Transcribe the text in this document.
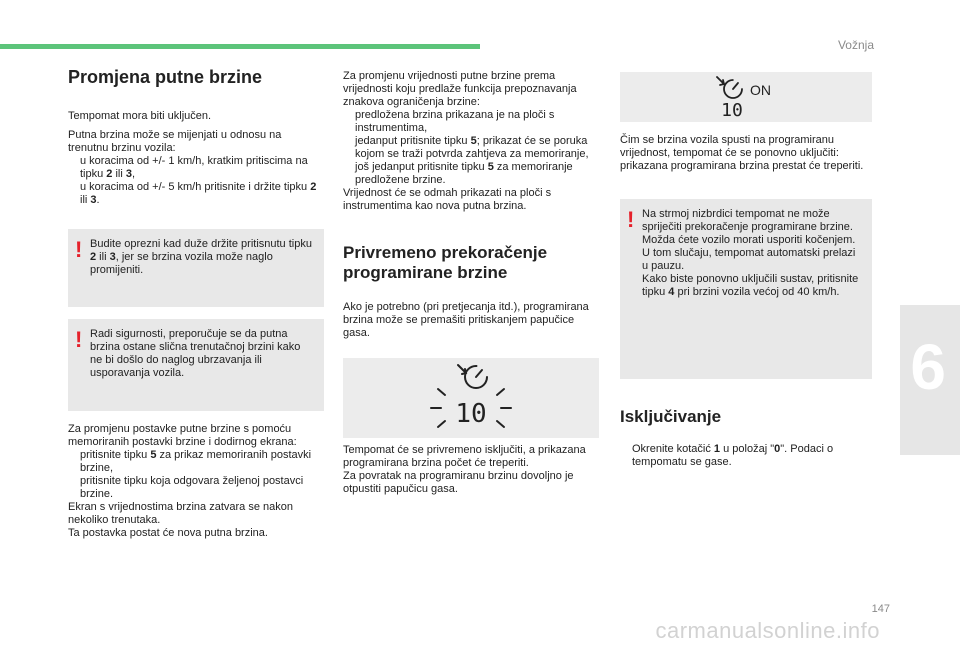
Vožnja
6
Promjena putne brzine

Tempomat mora biti uključen.

Putna brzina može se mijenjati u odnosu na trenutnu brzinu vozila:

u koracima od +/- 1 km/h, kratkim pritiscima na tipku 2 ili 3,
u koracima od +/- 5 km/h pritisnite i držite tipku 2 ili 3.
! Budite oprezni kad duže držite pritisnutu tipku 2 ili 3, jer se brzina vozila može naglo promijeniti.
! Radi sigurnosti, preporučuje se da putna brzina ostane slična trenutačnoj brzini kako ne bi došlo do naglog ubrzavanja ili usporavanja vozila.

Za promjenu postavke putne brzine s pomoću memoriranih postavki brzine i dodirnog ekrana:

pritisnite tipku 5 za prikaz memoriranih postavki brzine,
pritisnite tipku koja odgovara željenoj postavci brzine.
Ekran s vrijednostima brzina zatvara se nakon nekoliko trenutaka.
Ta postavka postat će nova putna brzina.

Za promjenu vrijednosti putne brzine prema vrijednosti koju predlaže funkcija prepoznavanja znakova ograničenja brzine:

predložena brzina prikazana je na ploči s instrumentima,
jedanput pritisnite tipku 5; prikazat će se poruka kojom se traži potvrda zahtjeva za memoriranje,
još jedanput pritisnite tipku 5 za memoriranje predložene brzine.
Vrijednost će se odmah prikazati na ploči s instrumentima kao nova putna brzina.
Privremeno prekoračenje programirane brzine
Ako je potrebno (pri pretjecanja itd.), programirana brzina može se premašiti pritiskanjem papučice gasa.
10
Tempomat će se privremeno isključiti, a prikazana programirana brzina počet će treperiti.
Za povratak na programiranu brzinu dovoljno je otpustiti papučicu gasa.
ON
10
Čim se brzina vozila spusti na programiranu vrijednost, tempomat će se ponovno uključiti: prikazana programirana brzina prestat će treperiti.
! Na strmoj nizbrdici tempomat ne može spriječiti prekoračenje programirane brzine.
Možda ćete vozilo morati usporiti kočenjem. U tom slučaju, tempomat automatski prelazi u pauzu.
Kako biste ponovno uključili sustav, pritisnite tipku 4 pri brzini vozila većoj od 40 km/h.
Isključivanje
Okrenite kotačić 1 u položaj "0". Podaci o tempomatu se gase.
147
carmanualsonline.info
